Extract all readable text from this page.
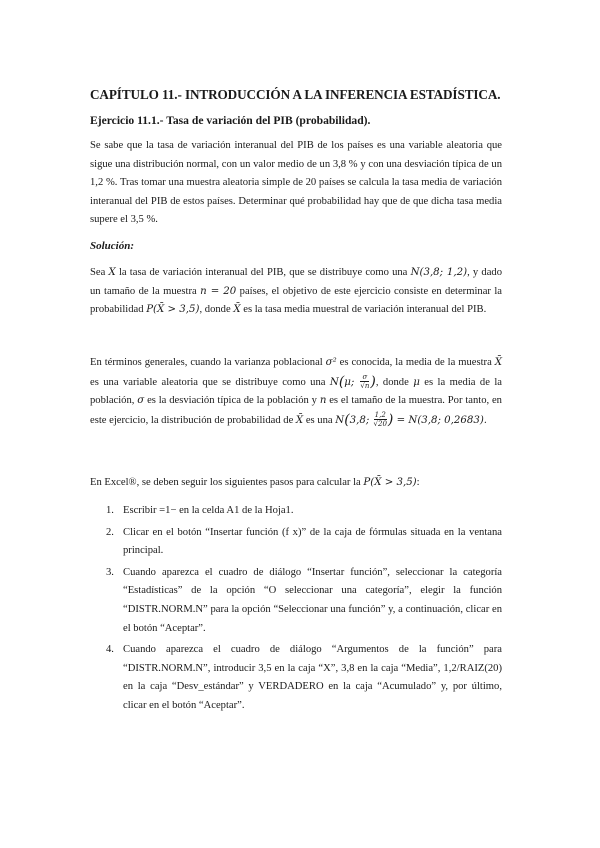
CAPÍTULO 11.- INTRODUCCIÓN A LA INFERENCIA ESTADÍSTICA.
Ejercicio 11.1.- Tasa de variación del PIB (probabilidad).
Se sabe que la tasa de variación interanual del PIB de los países es una variable aleatoria que sigue una distribución normal, con un valor medio de un 3,8 % y con una desviación típica de un 1,2 %. Tras tomar una muestra aleatoria simple de 20 países se calcula la tasa media de variación interanual del PIB de estos países. Determinar qué probabilidad hay que de que dicha tasa media supere el 3,5 %.
Solución:
Sea X la tasa de variación interanual del PIB, que se distribuye como una N(3,8; 1,2), y dado un tamaño de la muestra n = 20 países, el objetivo de este ejercicio consiste en determinar la probabilidad P(X̄ > 3,5), donde X̄ es la tasa media muestral de variación interanual del PIB.
En términos generales, cuando la varianza poblacional σ² es conocida, la media de la muestra X̄ es una variable aleatoria que se distribuye como una N(μ; $\frac{\sigma}{√n}$ ), donde μ es la media de la población, σ es la desviación típica de la población y n es el tamaño de la muestra. Por tanto, en este ejercicio, la distribución de probabilidad de X̄ es una N(3,8; $\frac{1,2}{√20}$ ) = N(3,8; 0,2683).
En Excel®, se deben seguir los siguientes pasos para calcular la P(X̄ > 3,5):
1. Escribir =1− en la celda A1 de la Hoja1.
2. Clicar en el botón “Insertar función (f x)” de la caja de fórmulas situada en la ventana principal.
3. Cuando aparezca el cuadro de diálogo “Insertar función”, seleccionar la categoría “Estadísticas” de la opción “O seleccionar una categoría”, elegir la función “DISTR.NORM.N” para la opción “Seleccionar una función” y, a continuación, clicar en el botón “Aceptar”.
4. Cuando aparezca el cuadro de diálogo “Argumentos de la función” para “DISTR.NORM.N”, introducir 3,5 en la caja “X”, 3,8 en la caja “Media”, 1,2/RAIZ(20) en la caja “Desv_estándar” y VERDADERO en la caja “Acumulado” y, por último, clicar en el botón “Aceptar”.
